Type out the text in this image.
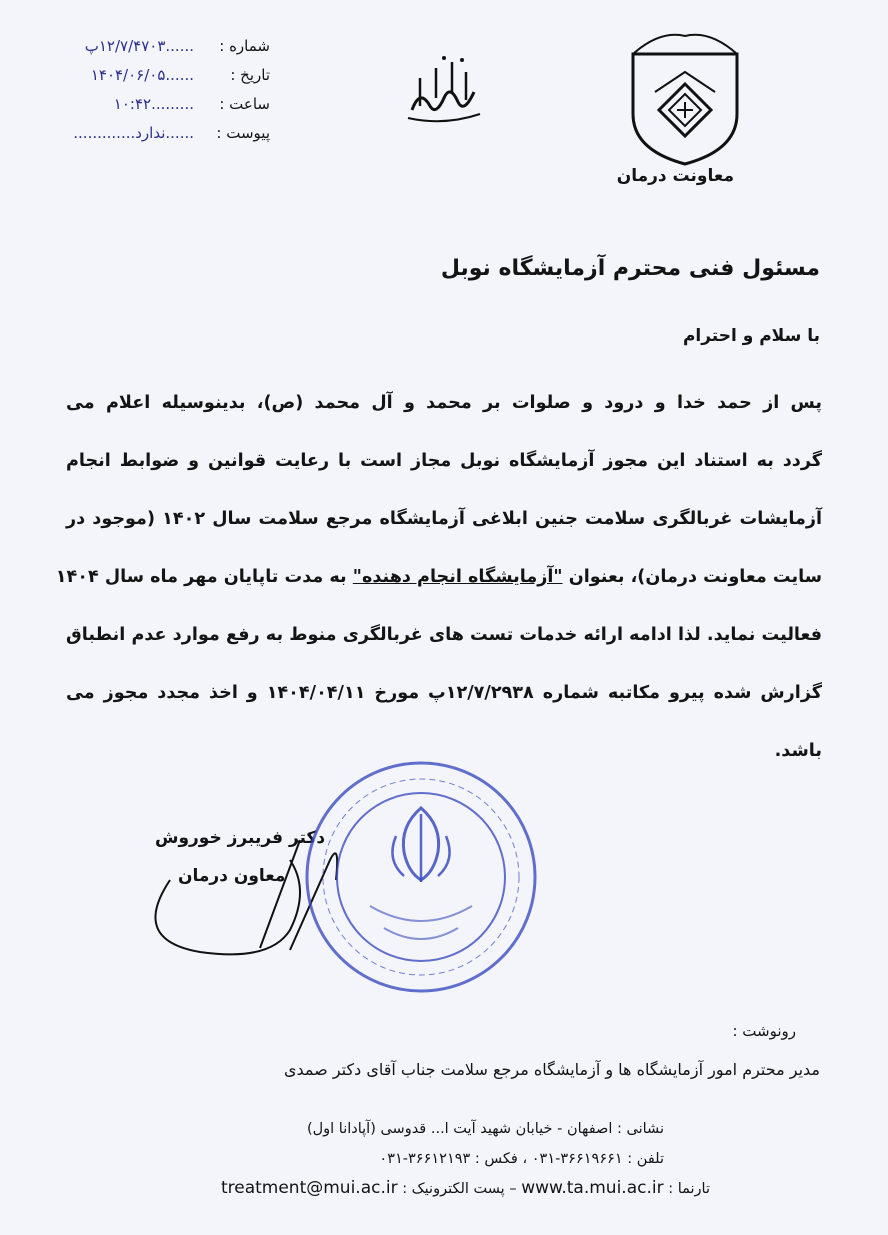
معاونت درمان
شماره :
......۱۲/۷/۴۷۰۳پ
تاریخ :
......۱۴۰۴/۰۶/۰۵
ساعت :
.........۱۰:۴۲
پیوست :
......ندارد.............
مسئول فنی محترم آزمایشگاه نوبل
با سلام و احترام
پس از حمد خدا و درود و صلوات بر محمد و آل محمد (ص)، بدینوسیله اعلام می
گردد به استناد این مجوز آزمایشگاه نوبل مجاز است با رعایت قوانین و ضوابط انجام
آزمایشات غربالگری سلامت جنین ابلاغی آزمایشگاه مرجع سلامت سال ۱۴۰۲ (موجود در
سایت معاونت درمان)، بعنوان "آزمایشگاه انجام دهنده" به مدت تاپایان مهر ماه سال ۱۴۰۴
فعالیت نماید. لذا ادامه ارائه خدمات تست های غربالگری منوط به رفع موارد عدم انطباق
گزارش شده پیرو مکاتبه شماره ۱۲/۷/۲۹۳۸پ مورخ ۱۴۰۴/۰۴/۱۱ و اخذ مجدد مجوز می
باشد.
دکتر فریبرز خوروش
معاون درمان
رونوشت :
مدیر محترم امور آزمایشگاه ها و آزمایشگاه مرجع سلامت جناب آقای دکتر صمدی
نشانی : اصفهان - خیابان شهید آیت ا... قدوسی (آپادانا اول)
تلفن : ۳۶۶۱۹۶۶۱-۰۳۱ ، فکس : ۳۶۶۱۲۱۹۳-۰۳۱
تارنما : www.ta.mui.ac.ir – پست الکترونیک : treatment@mui.ac.ir
